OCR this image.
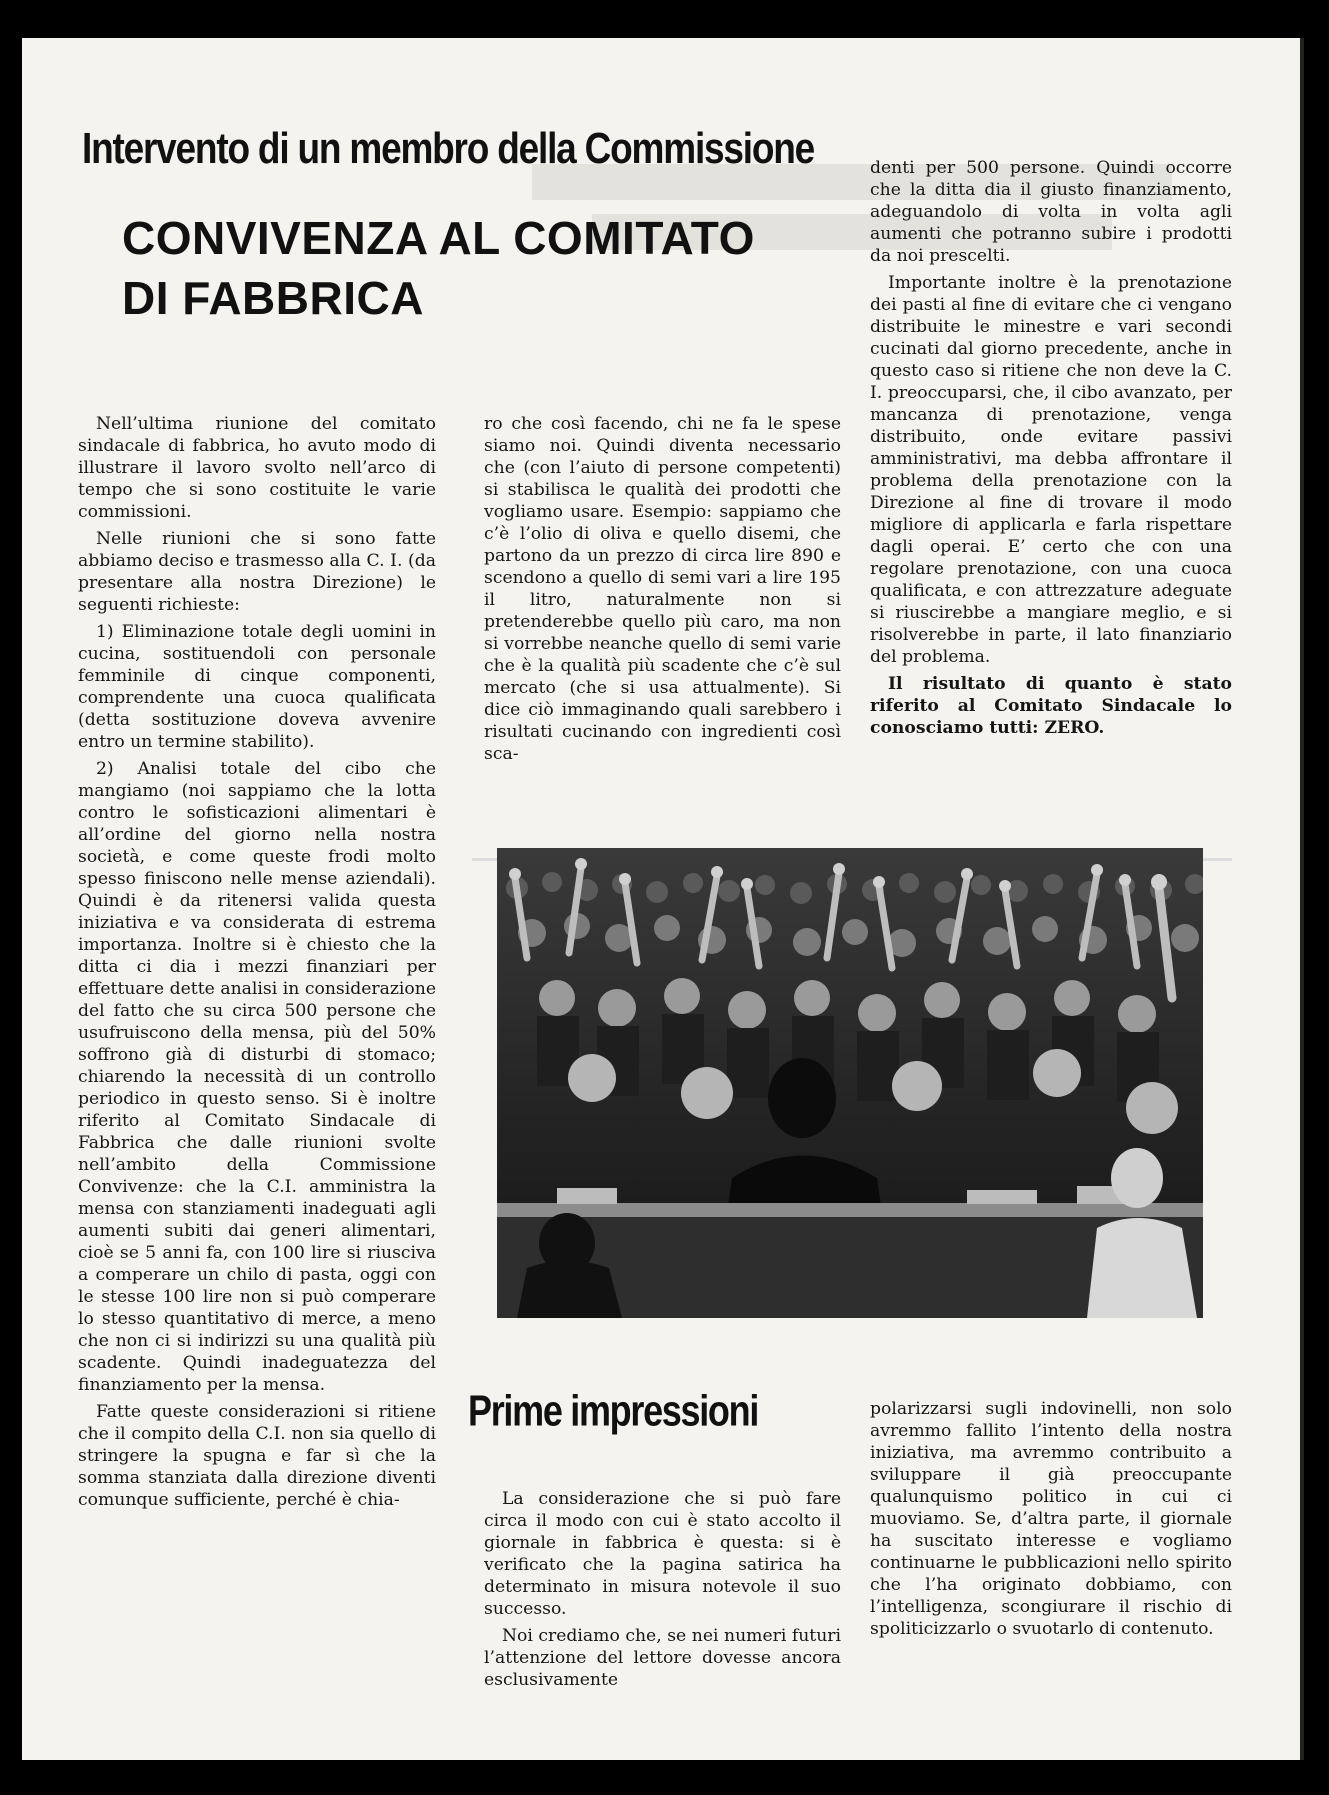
Intervento di un membro della Commissione
CONVIVENZA AL COMITATO
DI FABBRICA

Nell’ultima riunione del comitato sindacale di fabbrica, ho avuto modo di illustrare il lavoro svolto nell’arco di tempo che si sono costituite le varie commissioni.

Nelle riunioni che si sono fatte abbiamo deciso e trasmesso alla C. I. (da presentare alla nostra Direzione) le seguenti richieste:

1) Eliminazione totale degli uomini in cucina, sostituendoli con personale femminile di cinque componenti, comprendente una cuoca qualificata (detta sostituzione doveva avvenire entro un termine stabilito).

2) Analisi totale del cibo che mangiamo (noi sappiamo che la lotta contro le sofisticazioni alimentari è all’ordine del giorno nella nostra società, e come queste frodi molto spesso finiscono nelle mense aziendali). Quindi è da ritenersi valida questa iniziativa e va considerata di estrema importanza. Inoltre si è chiesto che la ditta ci dia i mezzi finanziari per effettuare dette analisi in considerazione del fatto che su circa 500 persone che usufruiscono della mensa, più del 50% soffrono già di disturbi di stomaco; chiarendo la necessità di un controllo periodico in questo senso. Si è inoltre riferito al Comitato Sindacale di Fabbrica che dalle riunioni svolte nell’ambito della Commissione Convivenze: che la C.I. amministra la mensa con stanziamenti inadeguati agli aumenti subiti dai generi alimentari, cioè se 5 anni fa, con 100 lire si riusciva a comperare un chilo di pasta, oggi con le stesse 100 lire non si può comperare lo stesso quantitativo di merce, a meno che non ci si indirizzi su una qualità più scadente. Quindi inadeguatezza del finanziamento per la mensa.

Fatte queste considerazioni si ritiene che il compito della C.I. non sia quello di stringere la spugna e far sì che la somma stanziata dalla direzione diventi comunque sufficiente, perché è chia-

ro che così facendo, chi ne fa le spese siamo noi. Quindi diventa necessario che (con l’aiuto di persone competenti) si stabilisca le qualità dei prodotti che vogliamo usare. Esempio: sappiamo che c’è l’olio di oliva e quello disemi, che partono da un prezzo di circa lire 890 e scendono a quello di semi vari a lire 195 il litro, naturalmente non si pretenderebbe quello più caro, ma non si vorrebbe neanche quello di semi varie che è la qualità più scadente che c’è sul mercato (che si usa attualmente). Si dice ciò immaginando quali sarebbero i risultati cucinando con ingredienti così sca-

denti per 500 persone. Quindi occorre che la ditta dia il giusto finanziamento, adeguandolo di volta in volta agli aumenti che potranno subire i prodotti da noi prescelti.

Importante inoltre è la prenotazione dei pasti al fine di evitare che ci vengano distribuite le minestre e vari secondi cucinati dal giorno precedente, anche in questo caso si ritiene che non deve la C. I. preoccuparsi, che, il cibo avanzato, per mancanza di prenotazione, venga distribuito, onde evitare passivi amministrativi, ma debba affrontare il problema della prenotazione con la Direzione al fine di trovare il modo migliore di applicarla e farla rispettare dagli operai. E’ certo che con una regolare prenotazione, con una cuoca qualificata, e con attrezzature adeguate si riuscirebbe a mangiare meglio, e si risolverebbe in parte, il lato finanziario del problema.

Il risultato di quanto è stato riferito al Comitato Sindacale lo conosciamo tutti: ZERO.

Prime impressioni

La considerazione che si può fare circa il modo con cui è stato accolto il giornale in fabbrica è questa: si è verificato che la pagina satirica ha determinato in misura notevole il suo successo.

Noi crediamo che, se nei numeri futuri l’attenzione del lettore dovesse ancora esclusivamente

polarizzarsi sugli indovinelli, non solo avremmo fallito l’intento della nostra iniziativa, ma avremmo contribuito a sviluppare il già preoccupante qualunquismo politico in cui ci muoviamo. Se, d’altra parte, il giornale ha suscitato interesse e vogliamo continuarne le pubblicazioni nello spirito che l’ha originato dobbiamo, con l’intelligenza, scongiurare il rischio di spoliticizzarlo o svuotarlo di contenuto.
